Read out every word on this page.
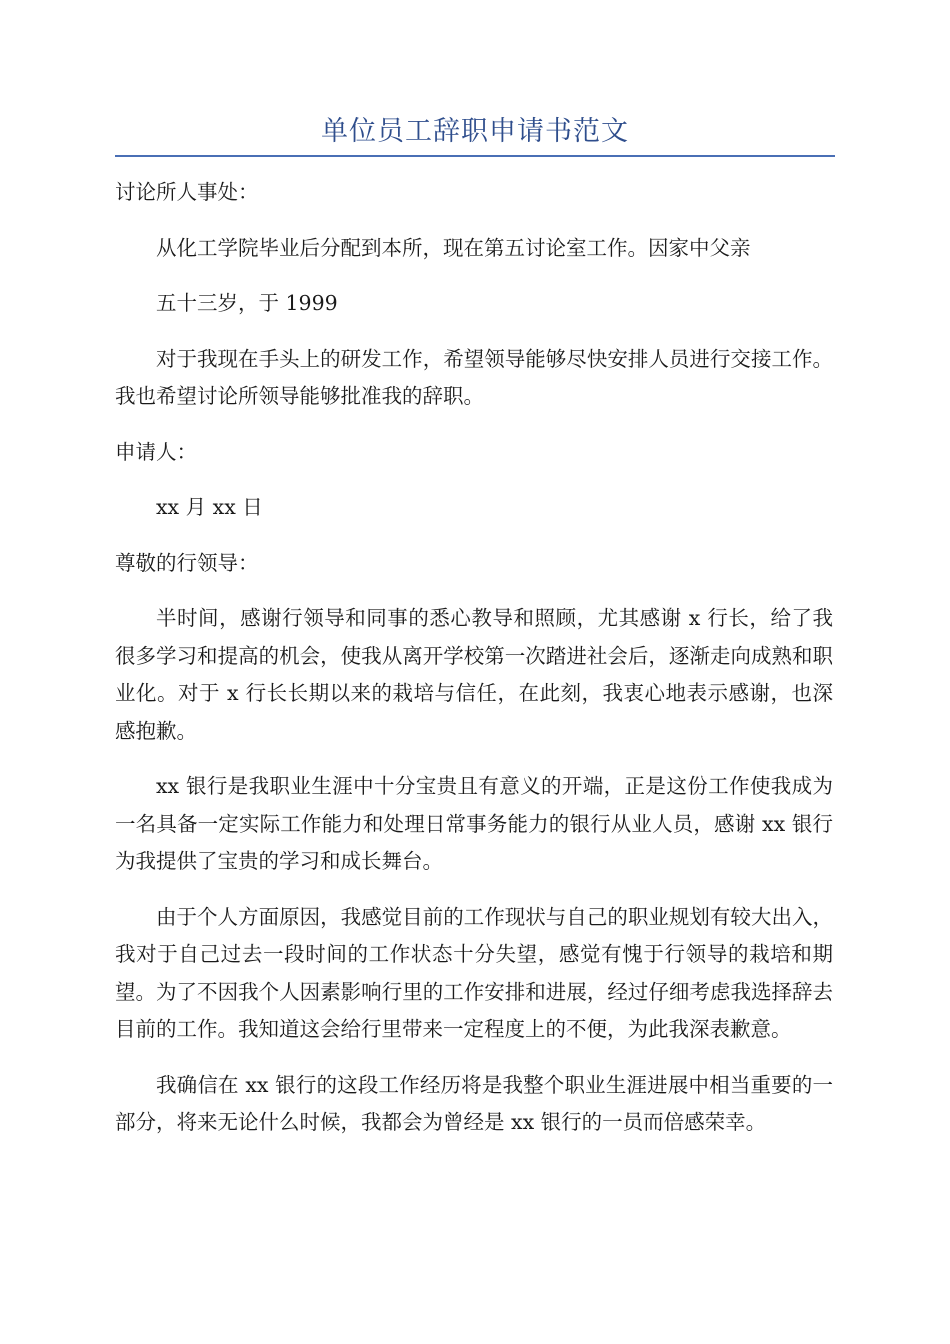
单位员工辞职申请书范文

讨论所人事处：

从化工学院毕业后分配到本所，现在第五讨论室工作。因家中父亲

五十三岁，于 1999

对于我现在手头上的研发工作，希望领导能够尽快安排人员进行交接工作。我也希望讨论所领导能够批准我的辞职。

申请人：

xx 月 xx 日

尊敬的行领导：

半时间，感谢行领导和同事的悉心教导和照顾，尤其感谢 x 行长，给了我很多学习和提高的机会，使我从离开学校第一次踏进社会后，逐渐走向成熟和职业化。对于 x 行长长期以来的栽培与信任，在此刻，我衷心地表示感谢，也深感抱歉。

xx 银行是我职业生涯中十分宝贵且有意义的开端，正是这份工作使我成为一名具备一定实际工作能力和处理日常事务能力的银行从业人员，感谢 xx 银行为我提供了宝贵的学习和成长舞台。

由于个人方面原因，我感觉目前的工作现状与自己的职业规划有较大出入，我对于自己过去一段时间的工作状态十分失望，感觉有愧于行领导的栽培和期望。为了不因我个人因素影响行里的工作安排和进展，经过仔细考虑我选择辞去目前的工作。我知道这会给行里带来一定程度上的不便，为此我深表歉意。

我确信在 xx 银行的这段工作经历将是我整个职业生涯进展中相当重要的一部分，将来无论什么时候，我都会为曾经是 xx 银行的一员而倍感荣幸。
